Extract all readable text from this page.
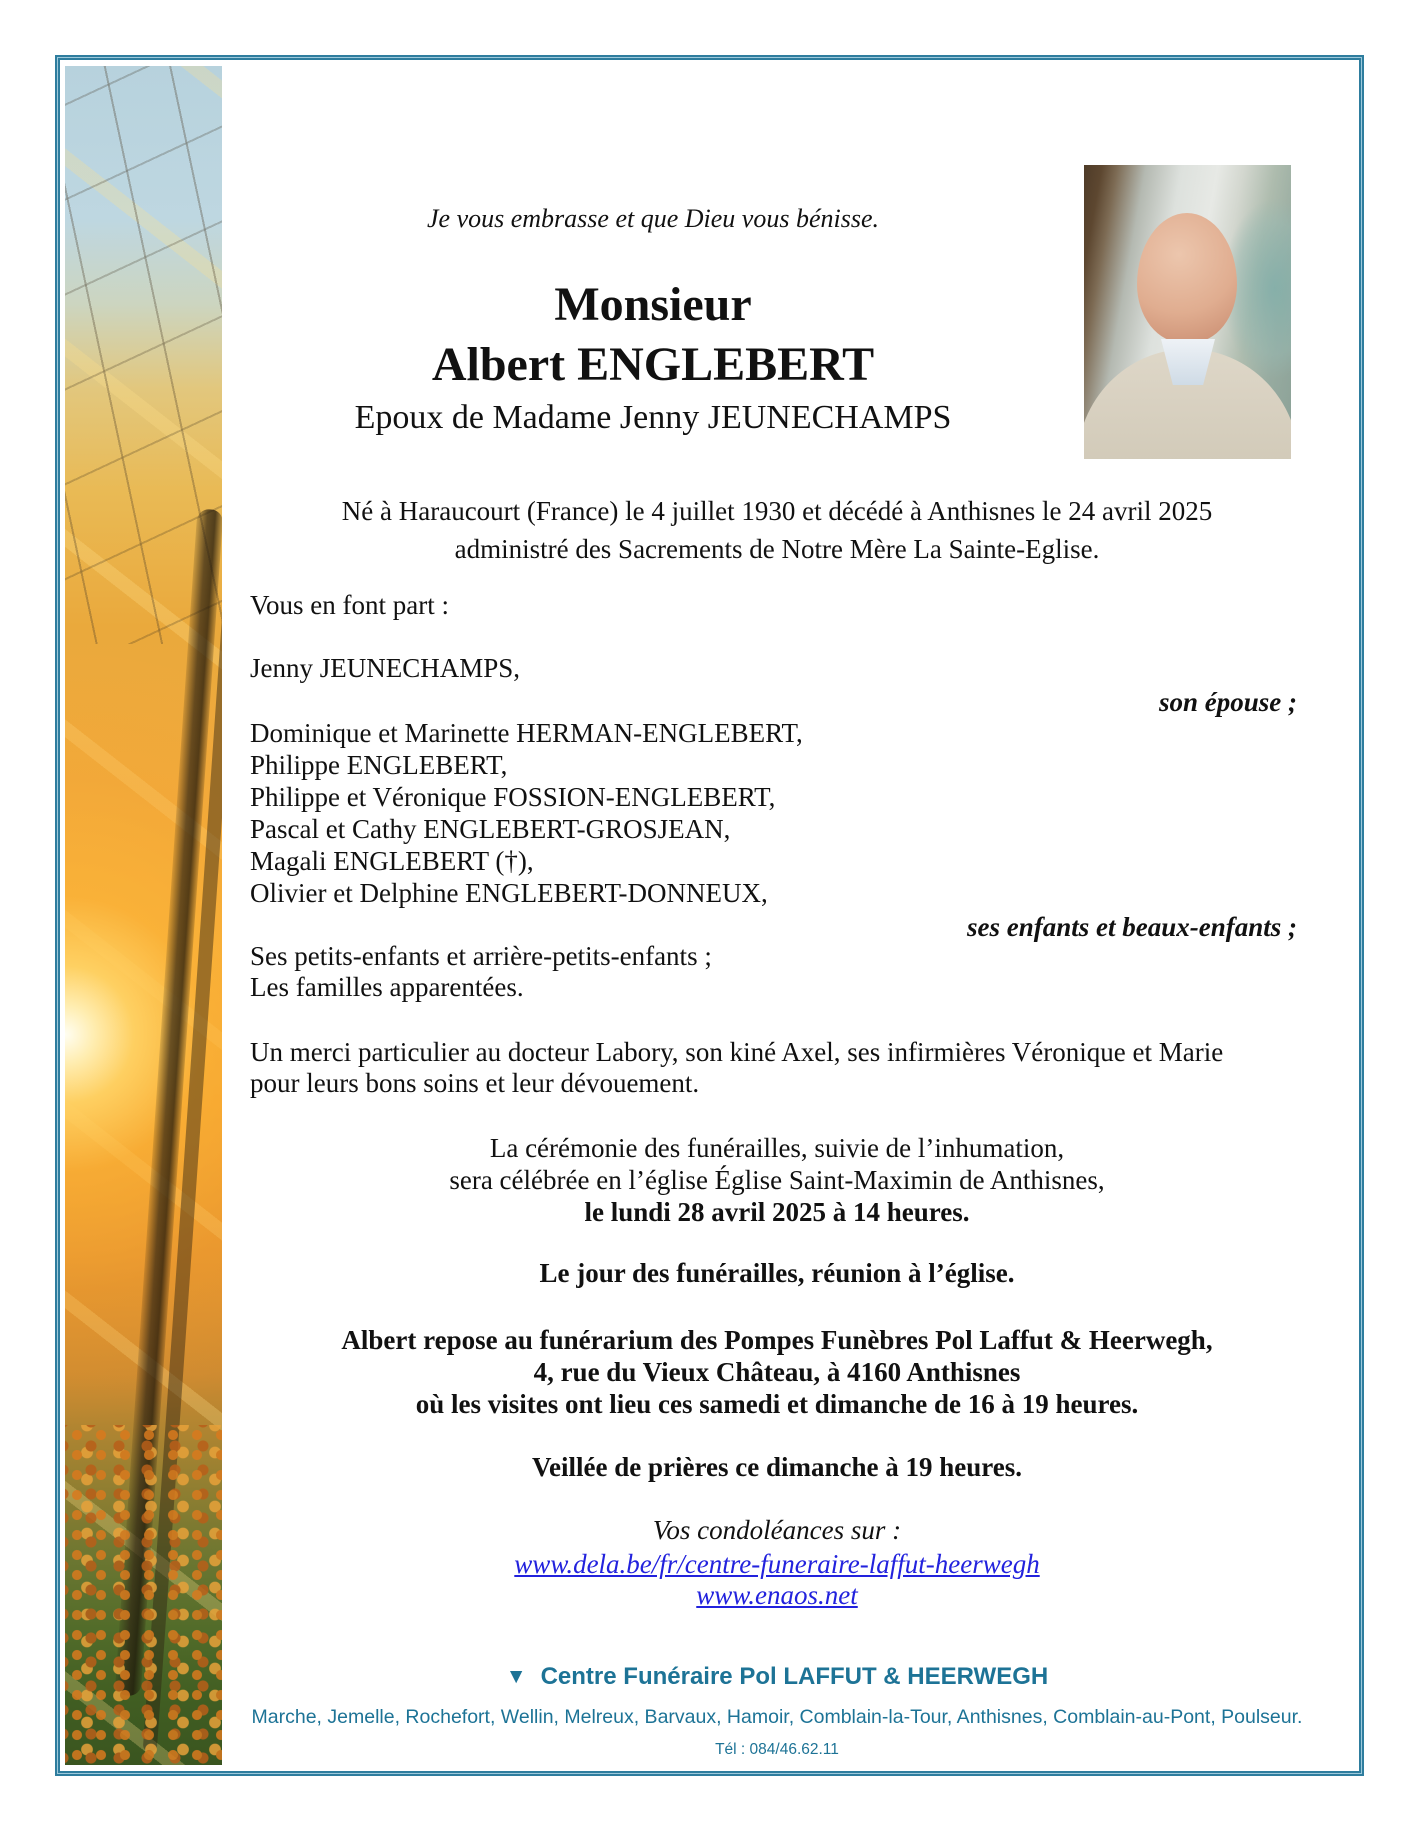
Je vous embrasse et que Dieu vous bénisse.
Monsieur
Albert ENGLEBERT
Epoux de Madame Jenny JEUNECHAMPS
Né à Haraucourt (France) le 4 juillet 1930 et décédé à Anthisnes le 24 avril 2025
administré des Sacrements de Notre Mère La Sainte-Eglise.
Vous en font part :
Jenny JEUNECHAMPS,
son épouse ;
Dominique et Marinette HERMAN-ENGLEBERT,
Philippe ENGLEBERT,
Philippe et Véronique FOSSION-ENGLEBERT,
Pascal et Cathy ENGLEBERT-GROSJEAN,
Magali ENGLEBERT (†),
Olivier et Delphine ENGLEBERT-DONNEUX,
ses enfants et beaux-enfants ;
Ses petits-enfants et arrière-petits-enfants ;
Les familles apparentées.
Un merci particulier au docteur Labory, son kiné Axel, ses infirmières Véronique et Marie
pour leurs bons soins et leur dévouement.
La cérémonie des funérailles, suivie de l’inhumation,
sera célébrée en l’église Église Saint-Maximin de Anthisnes,
le lundi 28 avril 2025 à 14 heures.
Le jour des funérailles, réunion à l’église.
Albert repose au funérarium des Pompes Funèbres Pol Laffut & Heerwegh,
4, rue du Vieux Château, à 4160 Anthisnes
où les visites ont lieu ces samedi et dimanche de 16 à 19 heures.
Veillée de prières ce dimanche à 19 heures.
Vos condoléances sur :
www.dela.be/fr/centre-funeraire-laffut-heerwegh
www.enaos.net
▼ Centre Funéraire Pol LAFFUT & HEERWEGH
Marche, Jemelle, Rochefort, Wellin, Melreux, Barvaux, Hamoir, Comblain-la-Tour, Anthisnes, Comblain-au-Pont, Poulseur.
Tél : 084/46.62.11
